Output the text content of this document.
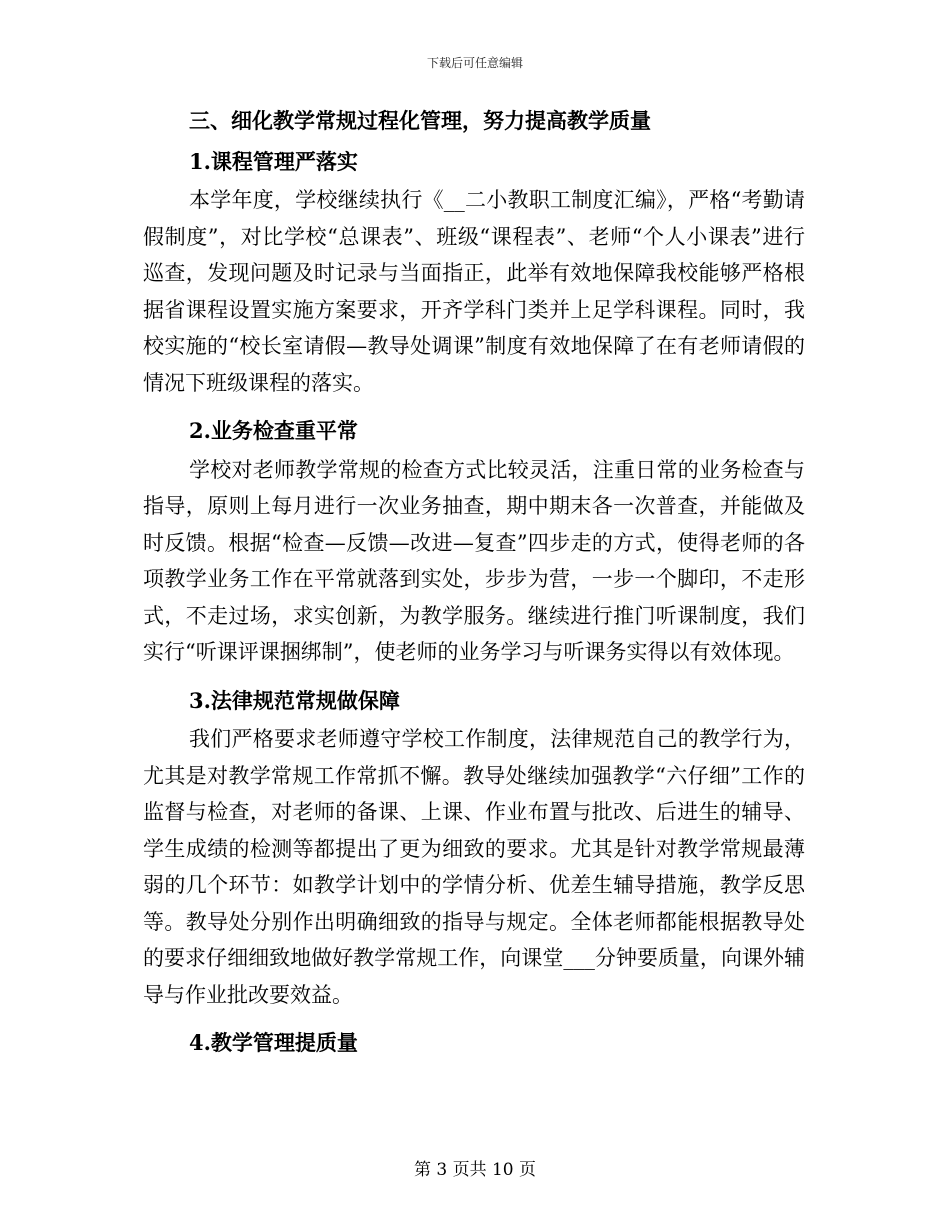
下载后可任意编辑
三、细化教学常规过程化管理，努力提高教学质量
1.课程管理严落实

本学年度，学校继续执行《__二小教职工制度汇编》，严格“考勤请假制度”，对比学校“总课表”、班级“课程表”、老师“个人小课表”进行巡查，发现问题及时记录与当面指正，此举有效地保障我校能够严格根据省课程设置实施方案要求，开齐学科门类并上足学科课程。同时，我校实施的“校长室请假—教导处调课”制度有效地保障了在有老师请假的情况下班级课程的落实。

2.业务检查重平常

学校对老师教学常规的检查方式比较灵活，注重日常的业务检查与指导，原则上每月进行一次业务抽查，期中期末各一次普查，并能做及时反馈。根据“检查—反馈—改进—复查”四步走的方式，使得老师的各项教学业务工作在平常就落到实处，步步为营，一步一个脚印，不走形式，不走过场，求实创新，为教学服务。继续进行推门听课制度，我们实行“听课评课捆绑制”，使老师的业务学习与听课务实得以有效体现。

3.法律规范常规做保障

我们严格要求老师遵守学校工作制度，法律规范自己的教学行为，尤其是对教学常规工作常抓不懈。教导处继续加强教学“六仔细”工作的监督与检查，对老师的备课、上课、作业布置与批改、后进生的辅导、学生成绩的检测等都提出了更为细致的要求。尤其是针对教学常规最薄弱的几个环节：如教学计划中的学情分析、优差生辅导措施，教学反思等。教导处分别作出明确细致的指导与规定。全体老师都能根据教导处的要求仔细细致地做好教学常规工作，向课堂___分钟要质量，向课外辅导与作业批改要效益。

4.教学管理提质量
第 3 页共 10 页
